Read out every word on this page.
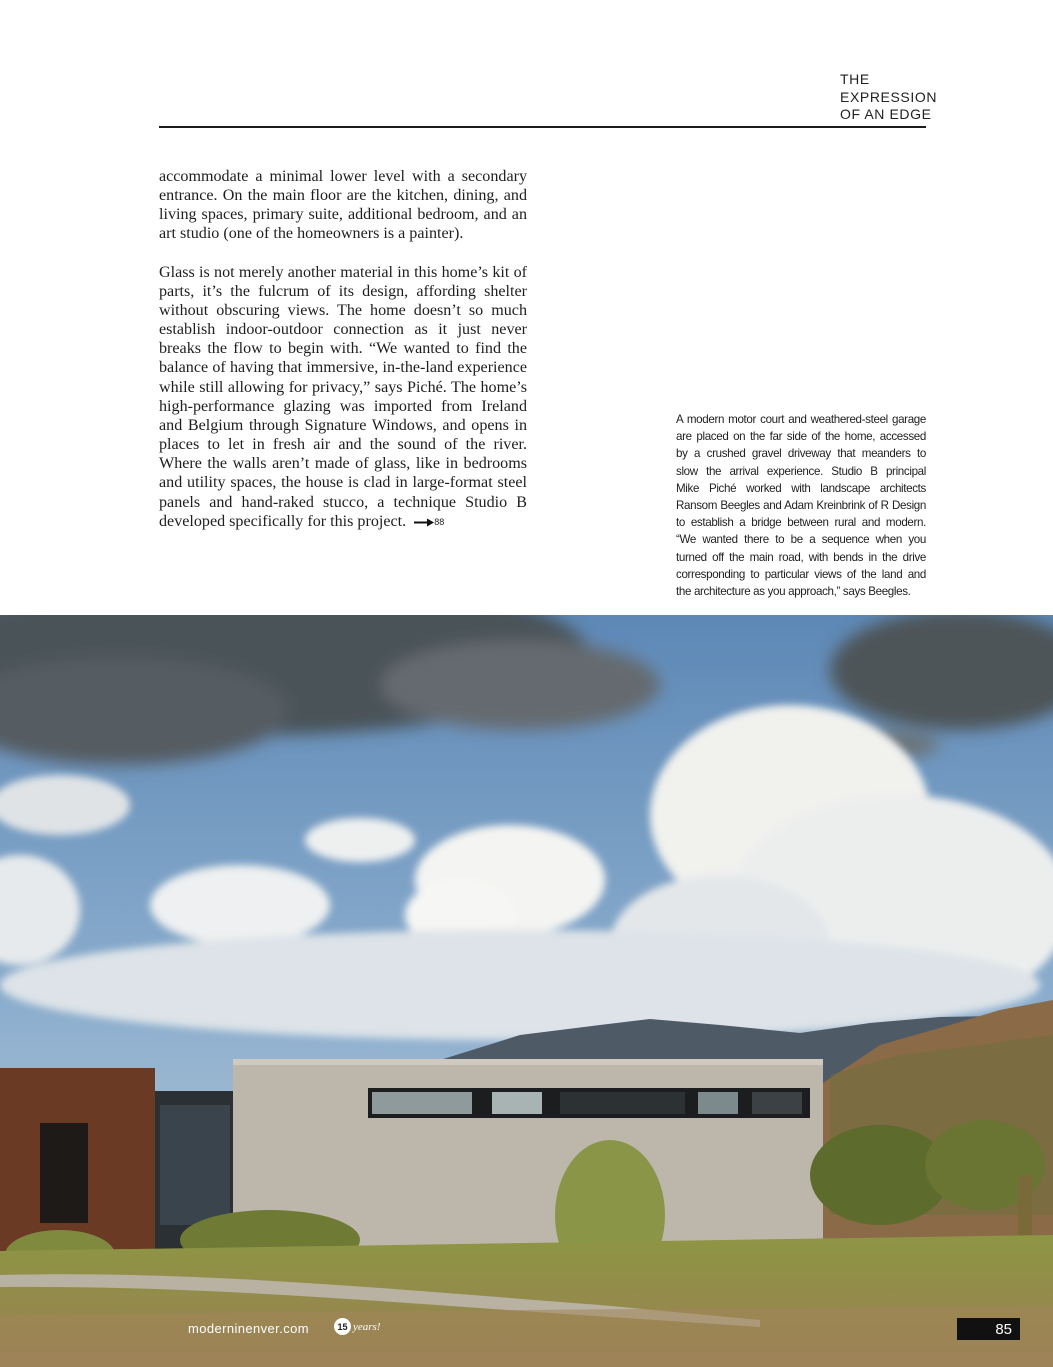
THE
EXPRESSION
OF AN EDGE

accommodate a minimal lower level with a secondary entrance. On the main floor are the kitchen, dining, and living spaces, primary suite, additional bedroom, and an art studio (one of the homeowners is a painter).

Glass is not merely another material in this home’s kit of parts, it’s the fulcrum of its design, affording shelter without obscuring views. The home doesn’t so much establish indoor-outdoor connection as it just never breaks the flow to begin with. “We wanted to find the balance of having that immersive, in-the-land experience while still allowing for privacy,” says Piché. The home’s high-performance glazing was imported from Ireland and Belgium through Signature Windows, and opens in places to let in fresh air and the sound of the river. Where the walls aren’t made of glass, like in bedrooms and utility spaces, the house is clad in large-format steel panels and hand-raked stucco, a technique Studio B developed specifically for this project.	88

A modern motor court and weathered-steel garage
are placed on the far side of the home, accessed
by a crushed gravel driveway that meanders to
slow the arrival experience. Studio B principal
Mike Piché worked with landscape architects
Ransom Beegles and Adam Kreinbrink of R Design
to establish a bridge between rural and modern.
“We wanted there to be a sequence when you
turned off the main road, with bends in the drive
corresponding to particular views of the land and
the architecture as you approach,” says Beegles.
moderninenver.com	15 years!	85
